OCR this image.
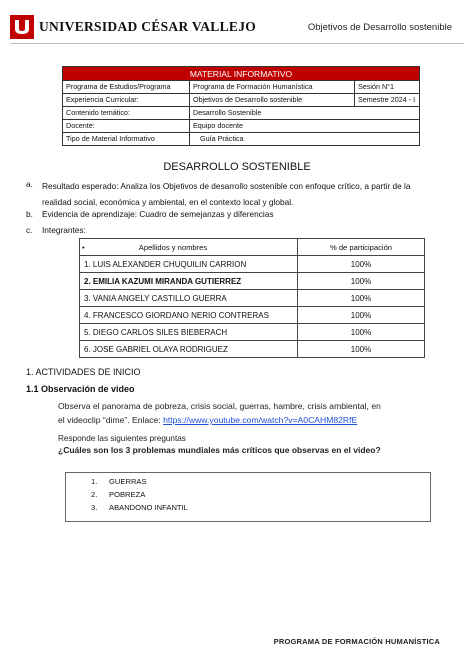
UNIVERSIDAD CÉSAR VALLEJO	Objetivos de Desarrollo sostenible
MATERIAL INFORMATIVO		
Programa de Estudios/Programa	Programa de Formación Humanística	Sesión N°1
Experiencia Curricular:	Objetivos de Desarrollo sostenible	Semestre 2024 - I
Contenido temático:	Desarrollo Sostenible	
Docente:	Equipo docente	
Tipo de Material Informativo	Guía Práctica	
DESARROLLO SOSTENIBLE
a. Resultado esperado: Analiza los Objetivos de desarrollo sostenible con enfoque crítico, a partir de la realidad social, económica y ambiental, en el contexto local y global.
b. Evidencia de aprendizaje: Cuadro de semejanzas y diferencias
c. Integrantes:
• Apellidos y nombres	% de participación
1. LUIS ALEXANDER CHUQUILIN CARRION	100%
2. EMILIA KAZUMI MIRANDA GUTIERREZ	100%
3. VANIA ANGELY CASTILLO GUERRA	100%
4. FRANCESCO GIORDANO NERIO CONTRERAS	100%
5. DIEGO CARLOS SILES BIEBERACH	100%
6. JOSE GABRIEL OLAYA RODRIGUEZ	100%
1. ACTIVIDADES DE INICIO
1.1 Observación de video
Observa el panorama de pobreza, crisis social, guerras, hambre, crisis ambiental, en
el videoclip “dime”. Enlace: https://www.youtube.com/watch?v=A0CAHM82RfE
Responde las siguientes preguntas
¿Cuáles son los 3 problemas mundiales más críticos que observas en el video?
1. GUERRAS
2. POBREZA
3. ABANDONO INFANTIL
PROGRAMA DE FORMACIÓN HUMANÍSTICA
